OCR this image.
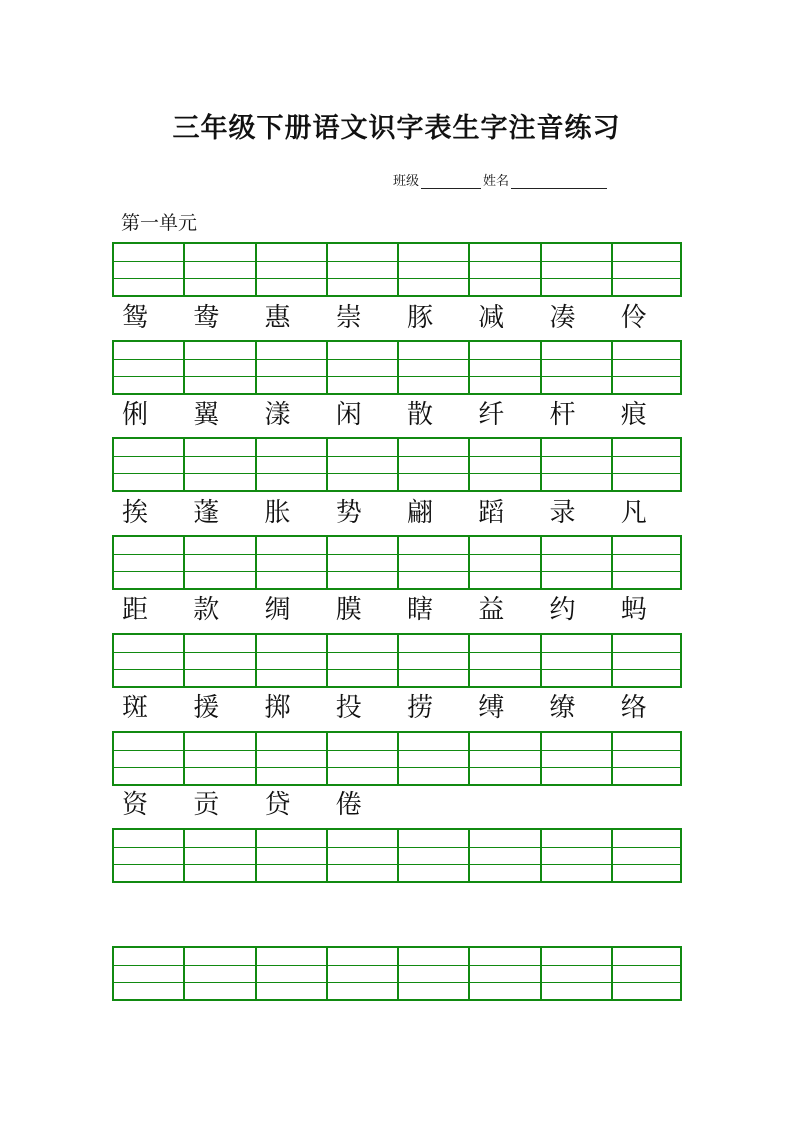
三年级下册语文识字表生字注音练习
班级	姓名
第一单元
鸳	鸯	惠	崇	豚	减	凑	伶
俐	翼	漾	闲	散	纤	杆	痕
挨	蓬	胀	势	翩	蹈	录	凡
距	款	绸	膜	瞎	益	约	蚂
斑	援	掷	投	捞	缚	缭	络
资	贡	贷	倦
